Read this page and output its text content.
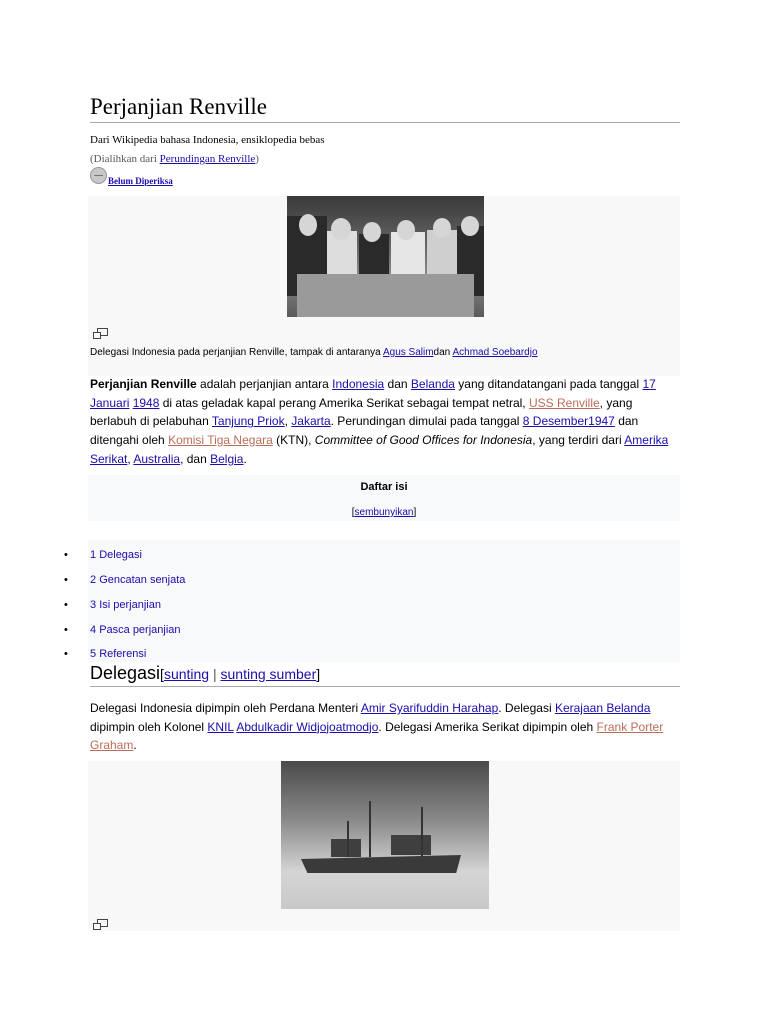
Perjanjian Renville
Dari Wikipedia bahasa Indonesia, ensiklopedia bebas
(Dialihkan dari Perundingan Renville)
Belum Diperiksa
Delegasi Indonesia pada perjanjian Renville, tampak di antaranya Agus Salimdan Achmad Soebardjo
Perjanjian Renville adalah perjanjian antara Indonesia dan Belanda yang ditandatangani pada tanggal 17 Januari 1948 di atas geladak kapal perang Amerika Serikat sebagai tempat netral, USS Renville, yang berlabuh di pelabuhan Tanjung Priok, Jakarta. Perundingan dimulai pada tanggal 8 Desember1947 dan ditengahi oleh Komisi Tiga Negara (KTN), Committee of Good Offices for Indonesia, yang terdiri dari Amerika Serikat, Australia, dan Belgia.
Daftar isi
[sembunyikan]
•	1
Delegasi
•	2
Gencatan senjata
•	3
Isi perjanjian
•	4
Pasca perjanjian
•	5
Referensi
Delegasi[sunting | sunting sumber]
Delegasi Indonesia dipimpin oleh Perdana Menteri Amir Syarifuddin Harahap. Delegasi Kerajaan Belanda dipimpin oleh Kolonel KNIL Abdulkadir Widjojoatmodjo. Delegasi Amerika Serikat dipimpin oleh Frank Porter Graham.
